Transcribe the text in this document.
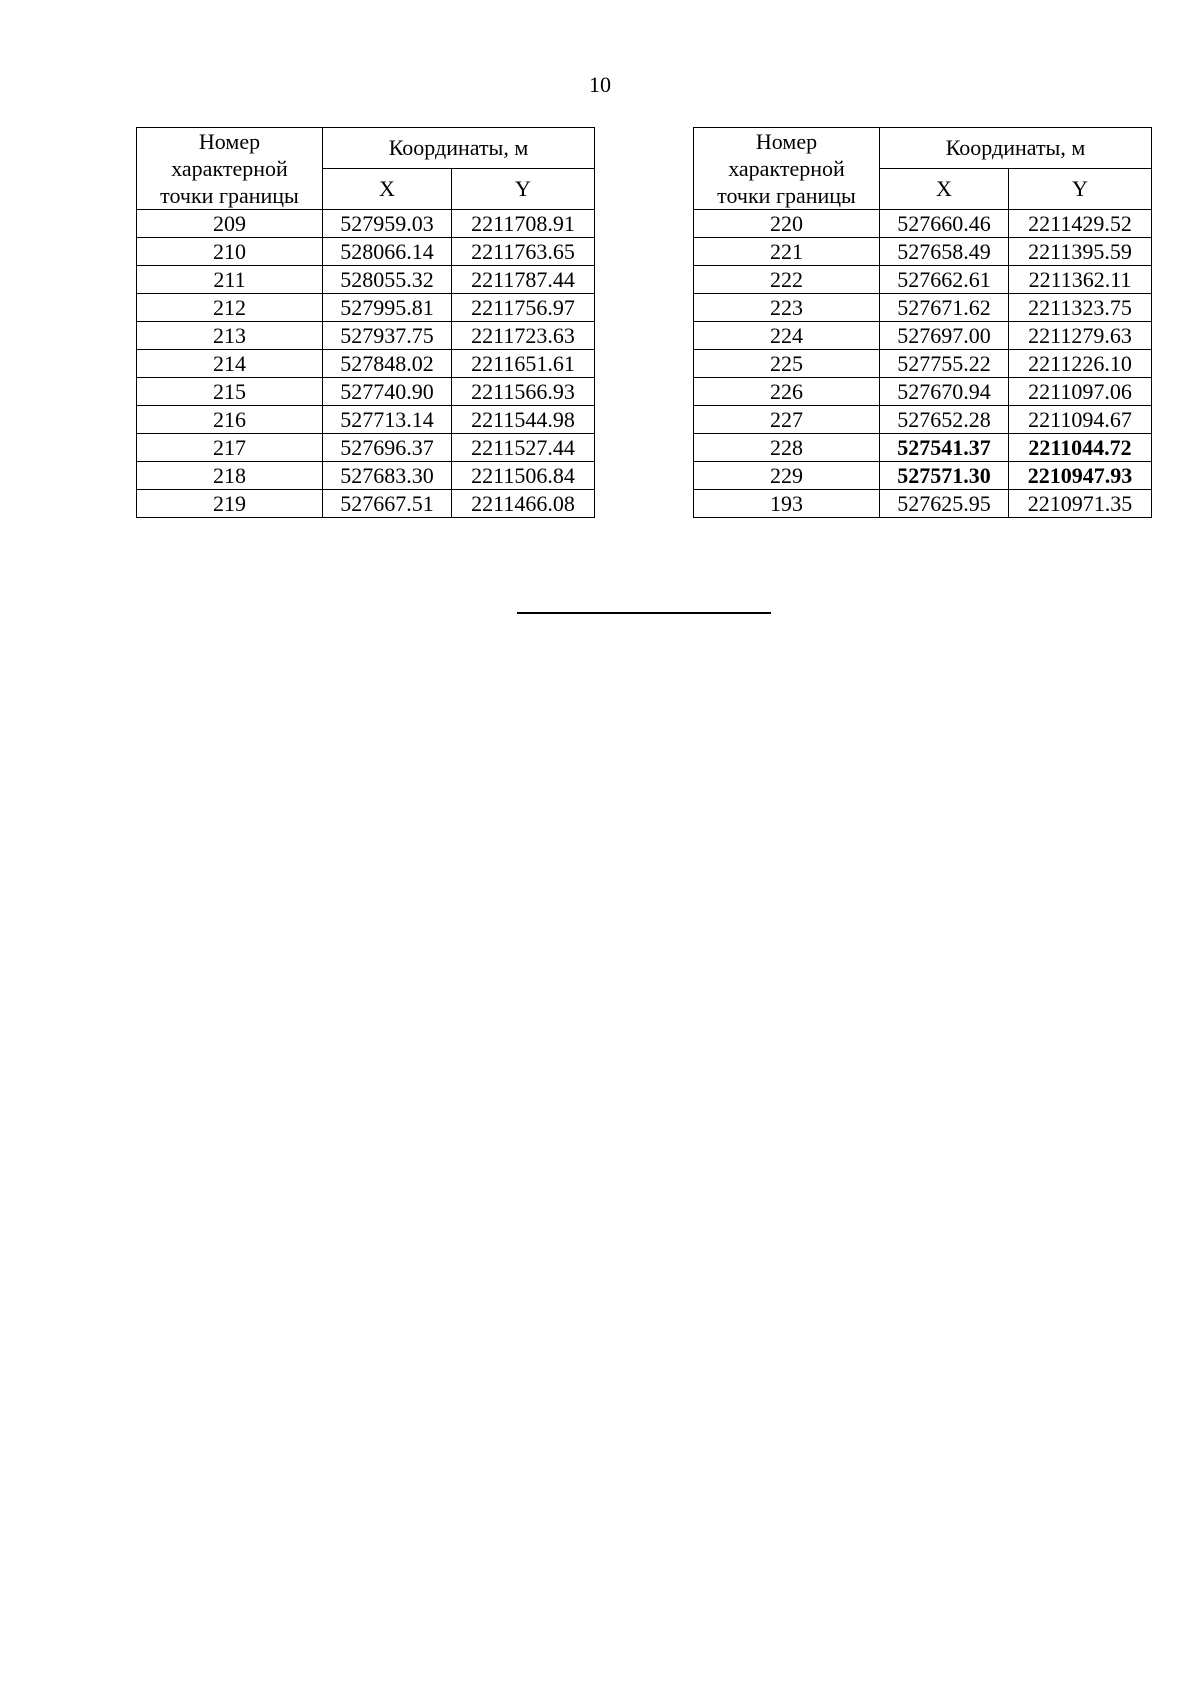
10
Номер
характерной
точки границы	Координаты, м	
	X	Y
209	527959.03	2211708.91
210	528066.14	2211763.65
211	528055.32	2211787.44
212	527995.81	2211756.97
213	527937.75	2211723.63
214	527848.02	2211651.61
215	527740.90	2211566.93
216	527713.14	2211544.98
217	527696.37	2211527.44
218	527683.30	2211506.84
219	527667.51	2211466.08
Номер
характерной
точки границы	Координаты, м	
	X	Y
220	527660.46	2211429.52
221	527658.49	2211395.59
222	527662.61	2211362.11
223	527671.62	2211323.75
224	527697.00	2211279.63
225	527755.22	2211226.10
226	527670.94	2211097.06
227	527652.28	2211094.67
228	527541.37	2211044.72
229	527571.30	2210947.93
193	527625.95	2210971.35
